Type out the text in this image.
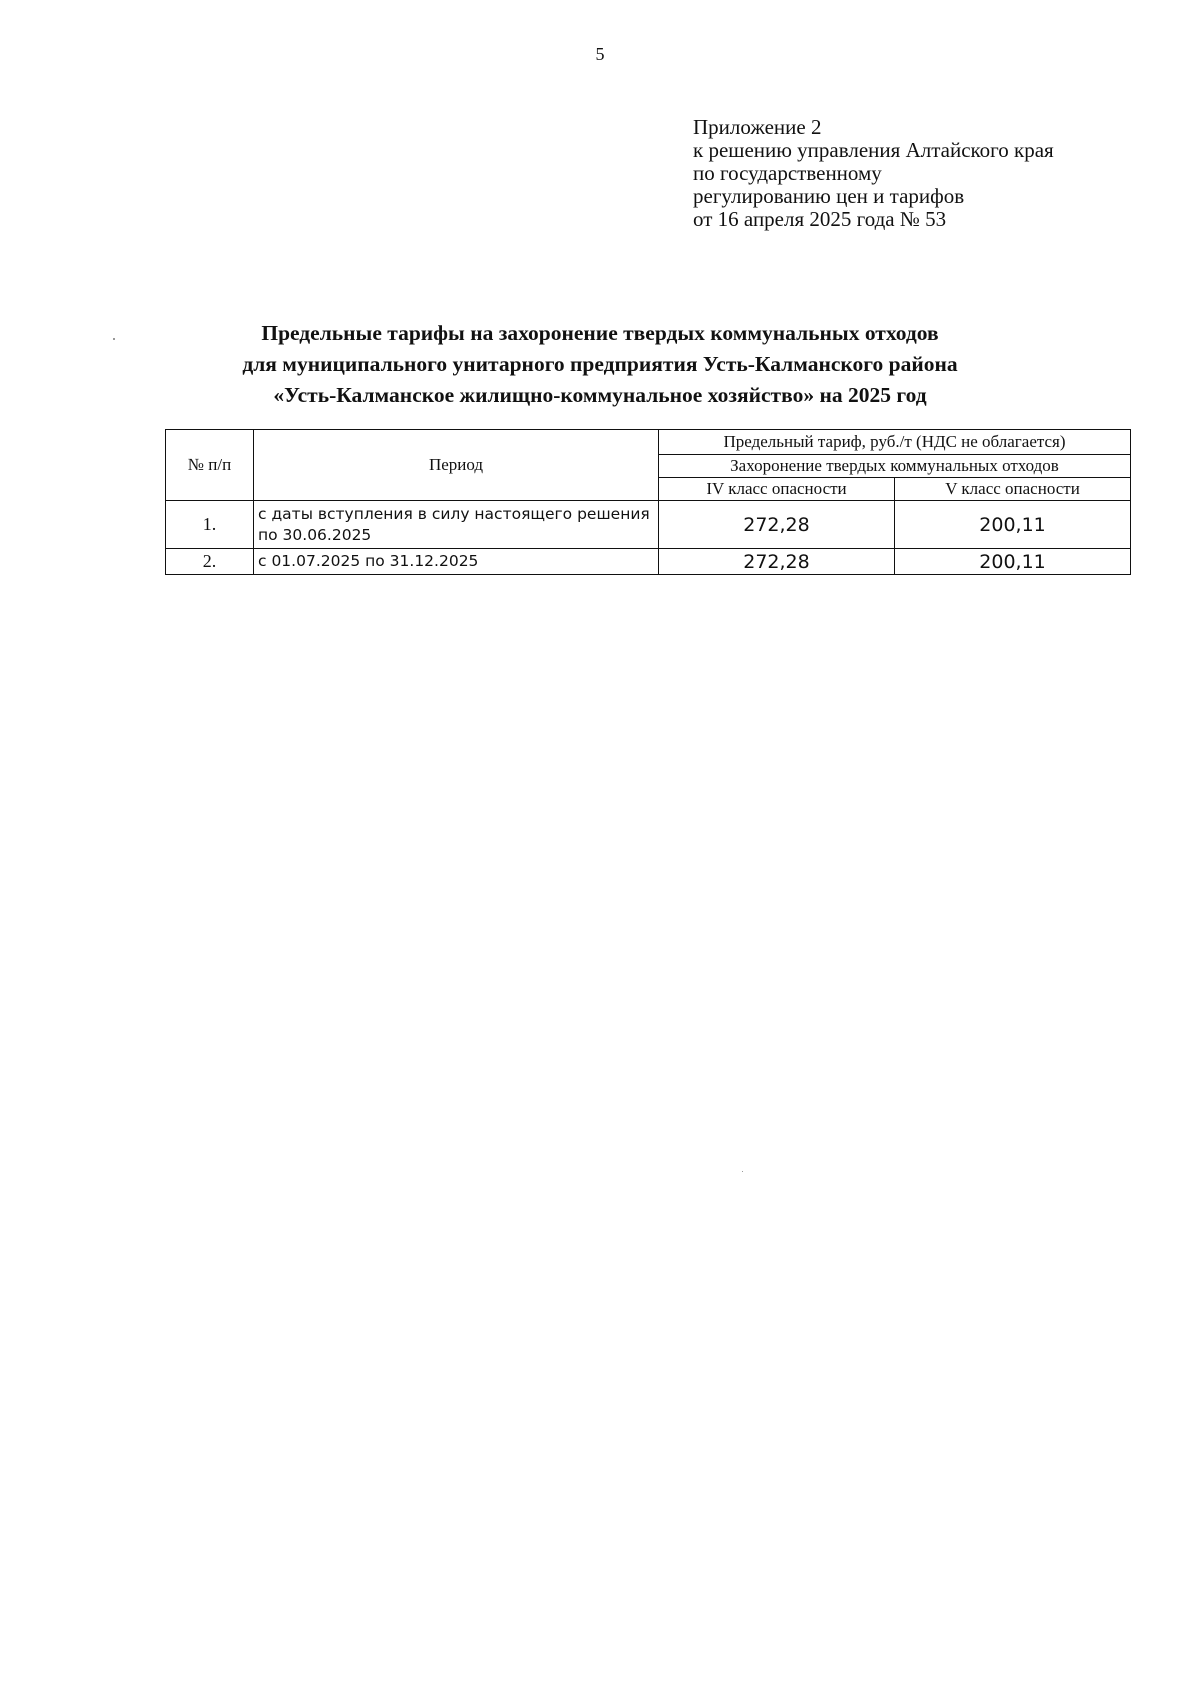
5
Приложение 2
к решению управления Алтайского края
по государственному
регулированию цен и тарифов
от 16 апреля 2025 года № 53
Предельные тарифы на захоронение твердых коммунальных отходов
для муниципального унитарного предприятия Усть-Калманского района
«Усть-Калманское жилищно-коммунальное хозяйство» на 2025 год
№ п/п	Период	Предельный тариф, руб./т (НДС не облагается)	
		Захоронение твердых коммунальных отходов	
		IV класс опасности	V класс опасности
1.	с даты вступления в силу настоящего решения по 30.06.2025	272,28	200,11
2.	с 01.07.2025 по 31.12.2025	272,28	200,11
